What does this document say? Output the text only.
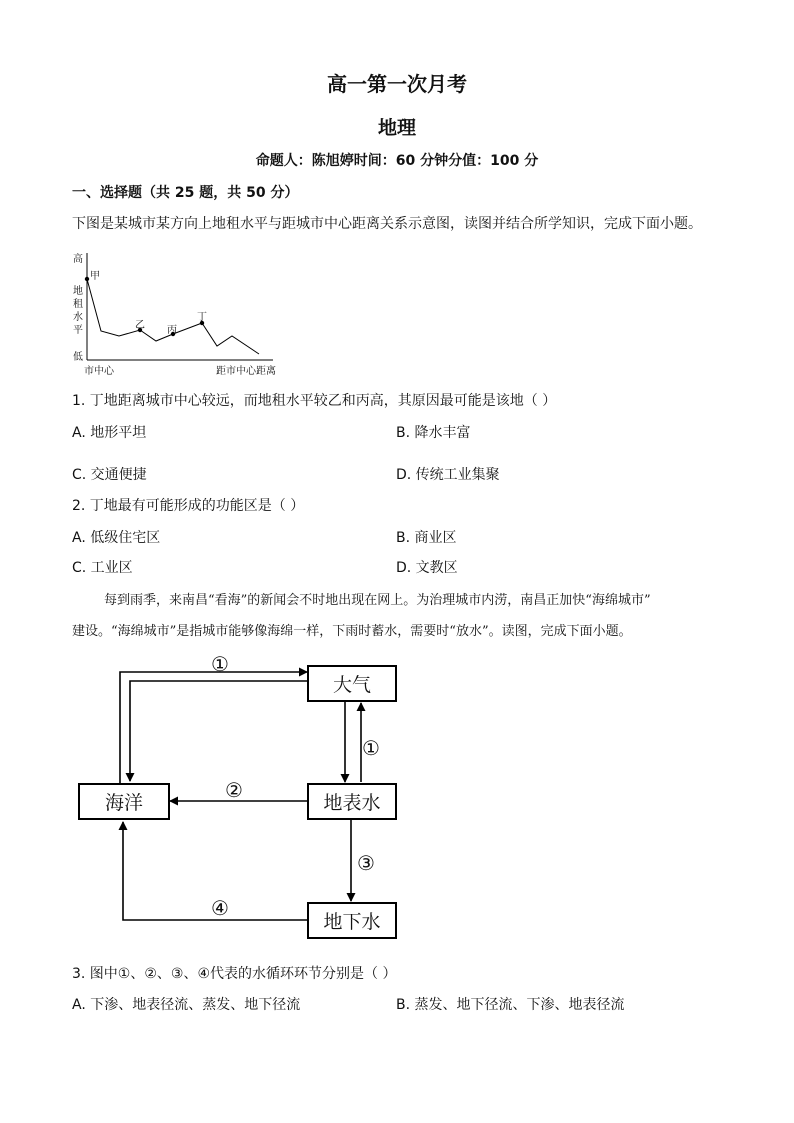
高一第一次月考
地理
命题人：陈旭婷时间：60 分钟分值：100 分
一、选择题（共 25 题，共 50 分）
下图是某城市某方向上地租水平与距城市中心距离关系示意图，读图并结合所学知识，完成下面小题。
高
甲
地
租
水
平	乙 丙
丁
低
市中心	距市中心距离
1. 丁地距离城市中心较远，而地租水平较乙和丙高，其原因最可能是该地（ ）
A. 地形平坦	B. 降水丰富
C. 交通便捷	D. 传统工业集聚
2. 丁地最有可能形成的功能区是（ ）
A. 低级住宅区	B. 商业区
C. 工业区	D. 文教区
每到雨季，来南昌“看海”的新闻会不时地出现在网上。为治理城市内涝，南昌正加快“海绵城市”
建设。“海绵城市”是指城市能够像海绵一样，下雨时蓄水，需要时“放水”。读图，完成下面小题。
大气
海洋	地表水
地下水
①
①
②
③
④
3. 图中①、②、③、④代表的水循环环节分别是（ ）
A. 下渗、地表径流、蒸发、地下径流	B. 蒸发、地下径流、下渗、地表径流
